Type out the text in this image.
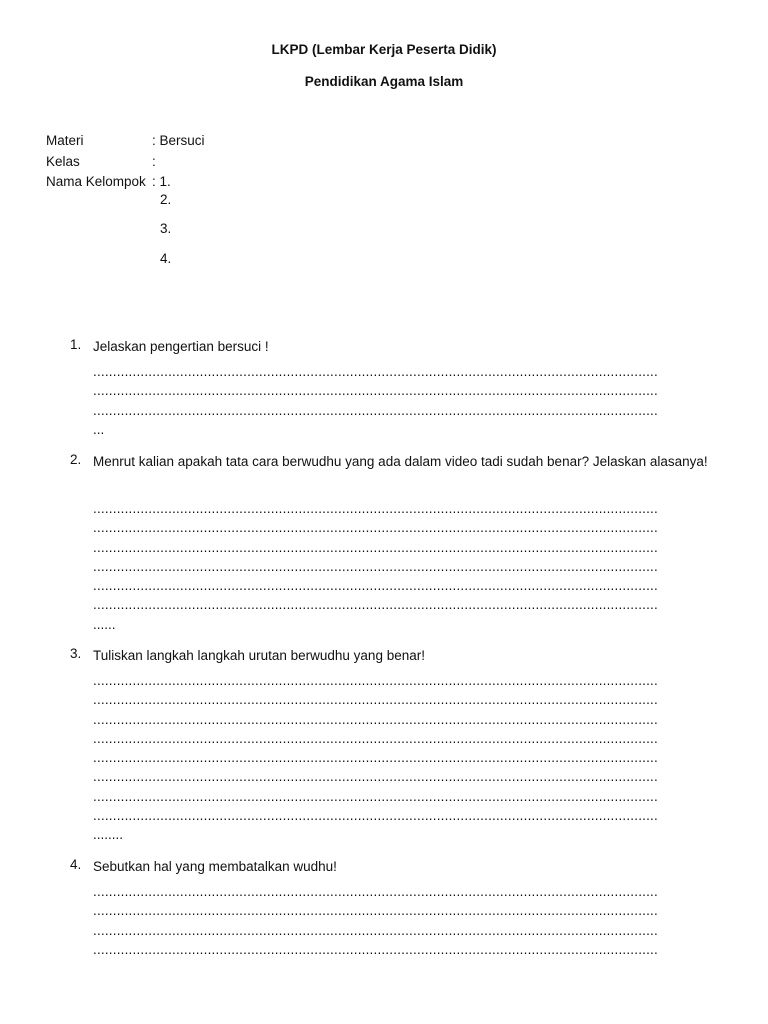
LKPD (Lembar Kerja Peserta Didik)
Pendidikan Agama Islam
Materi	: Bersuci
Kelas	:
Nama Kelompok : 1.
2.
3.
4.
1. Jelaskan pengertian bersuci !
...............................................................................................................................................
...............................................................................................................................................
...............................................................................................................................................
...
2. Menrut kalian apakah tata cara berwudhu yang ada dalam video tadi sudah benar? Jelaskan alasanya!
...............................................................................................................................................
...............................................................................................................................................
...............................................................................................................................................
...............................................................................................................................................
...............................................................................................................................................
...............................................................................................................................................
......
3. Tuliskan langkah langkah urutan berwudhu yang benar!
...............................................................................................................................................
...............................................................................................................................................
...............................................................................................................................................
...............................................................................................................................................
...............................................................................................................................................
...............................................................................................................................................
...............................................................................................................................................
...............................................................................................................................................
........
4. Sebutkan hal yang membatalkan wudhu!
...............................................................................................................................................
...............................................................................................................................................
...............................................................................................................................................
...............................................................................................................................................
